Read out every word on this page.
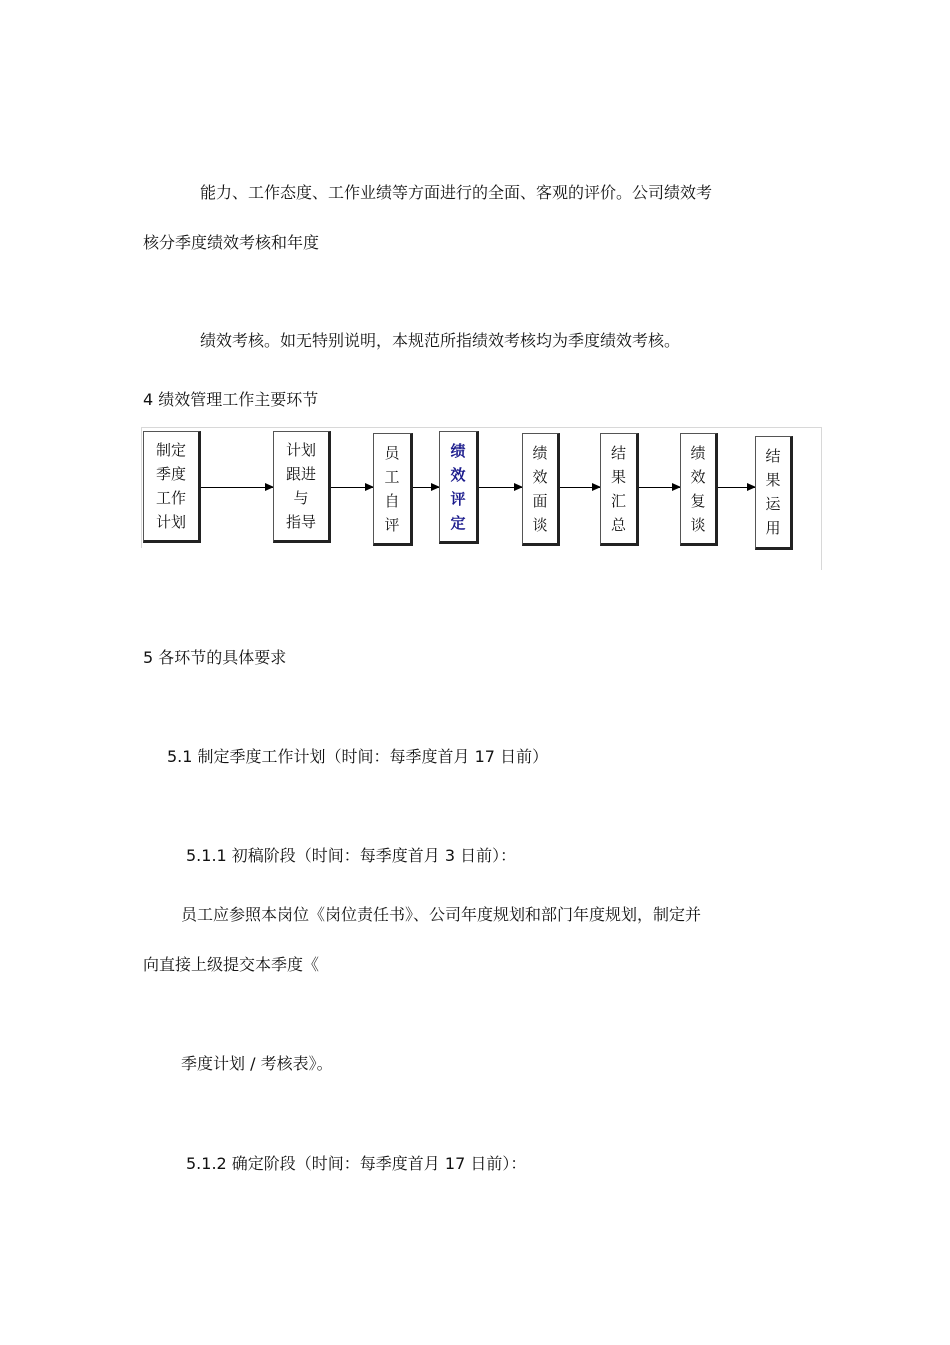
能力、工作态度、工作业绩等方面进行的全面、客观的评价。公司绩效考
核分季度绩效考核和年度
绩效考核。如无特别说明，本规范所指绩效考核均为季度绩效考核。
4 绩效管理工作主要环节
制定
季度
工作
计划
计划
跟进
与
指导
员
工
自
评
绩
效
评
定
绩
效
面
谈
结
果
汇
总
绩
效
复
谈
结
果
运
用
5 各环节的具体要求
5.1 制定季度工作计划（时间：每季度首月 17 日前）
5.1.1 初稿阶段（时间：每季度首月 3 日前）：
员工应参照本岗位《岗位责任书》、公司年度规划和部门年度规划，制定并
向直接上级提交本季度《
季度计划 / 考核表》。
5.1.2 确定阶段（时间：每季度首月 17 日前）：
